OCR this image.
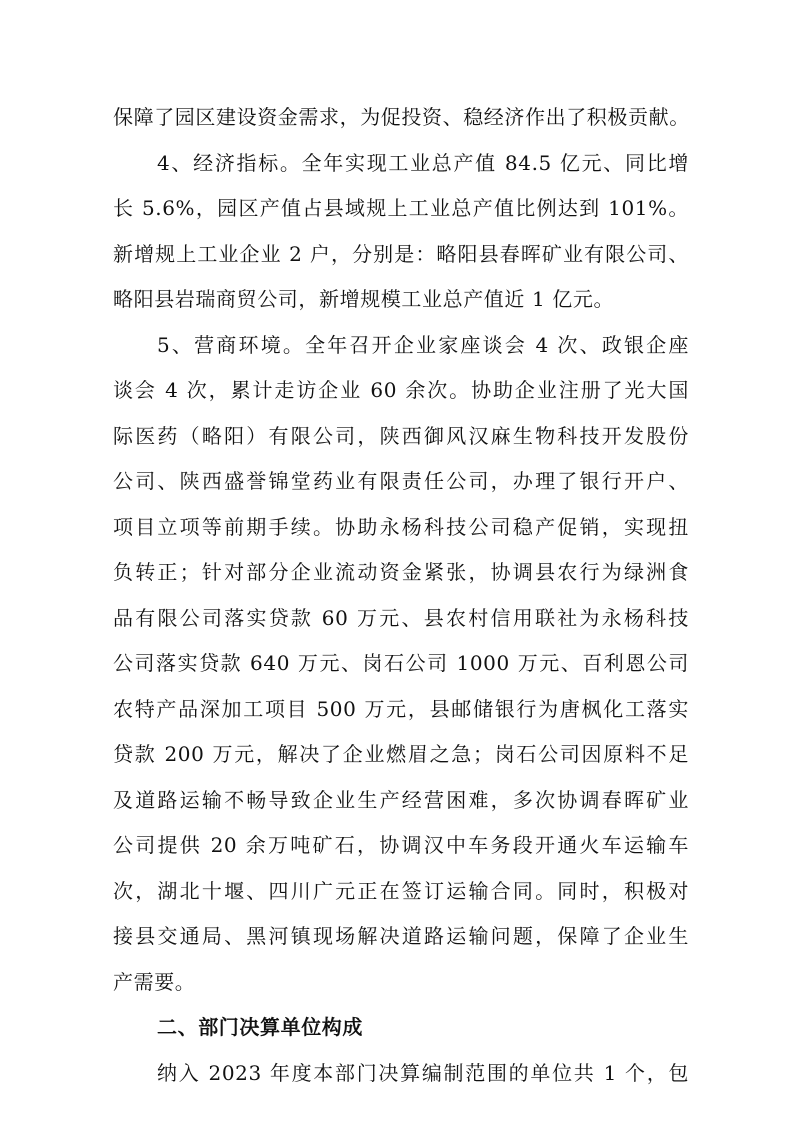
保障了园区建设资金需求，为促投资、稳经济作出了积极贡献。
4、经济指标。全年实现工业总产值 84.5 亿元、同比增
长 5.6%，园区产值占县域规上工业总产值比例达到 101%。
新增规上工业企业 2 户，分别是：略阳县春晖矿业有限公司、
略阳县岩瑞商贸公司，新增规模工业总产值近 1 亿元。
5、营商环境。全年召开企业家座谈会 4 次、政银企座
谈会 4 次，累计走访企业 60 余次。协助企业注册了光大国
际医药（略阳）有限公司，陕西御风汉麻生物科技开发股份
公司、陕西盛誉锦堂药业有限责任公司，办理了银行开户、
项目立项等前期手续。协助永杨科技公司稳产促销，实现扭
负转正；针对部分企业流动资金紧张，协调县农行为绿洲食
品有限公司落实贷款 60 万元、县农村信用联社为永杨科技
公司落实贷款 640 万元、岗石公司 1000 万元、百利恩公司
农特产品深加工项目 500 万元，县邮储银行为唐枫化工落实
贷款 200 万元，解决了企业燃眉之急；岗石公司因原料不足
及道路运输不畅导致企业生产经营困难，多次协调春晖矿业
公司提供 20 余万吨矿石，协调汉中车务段开通火车运输车
次，湖北十堰、四川广元正在签订运输合同。同时，积极对
接县交通局、黑河镇现场解决道路运输问题，保障了企业生
产需要。
二、部门决算单位构成
纳入 2023 年度本部门决算编制范围的单位共 1 个，包
